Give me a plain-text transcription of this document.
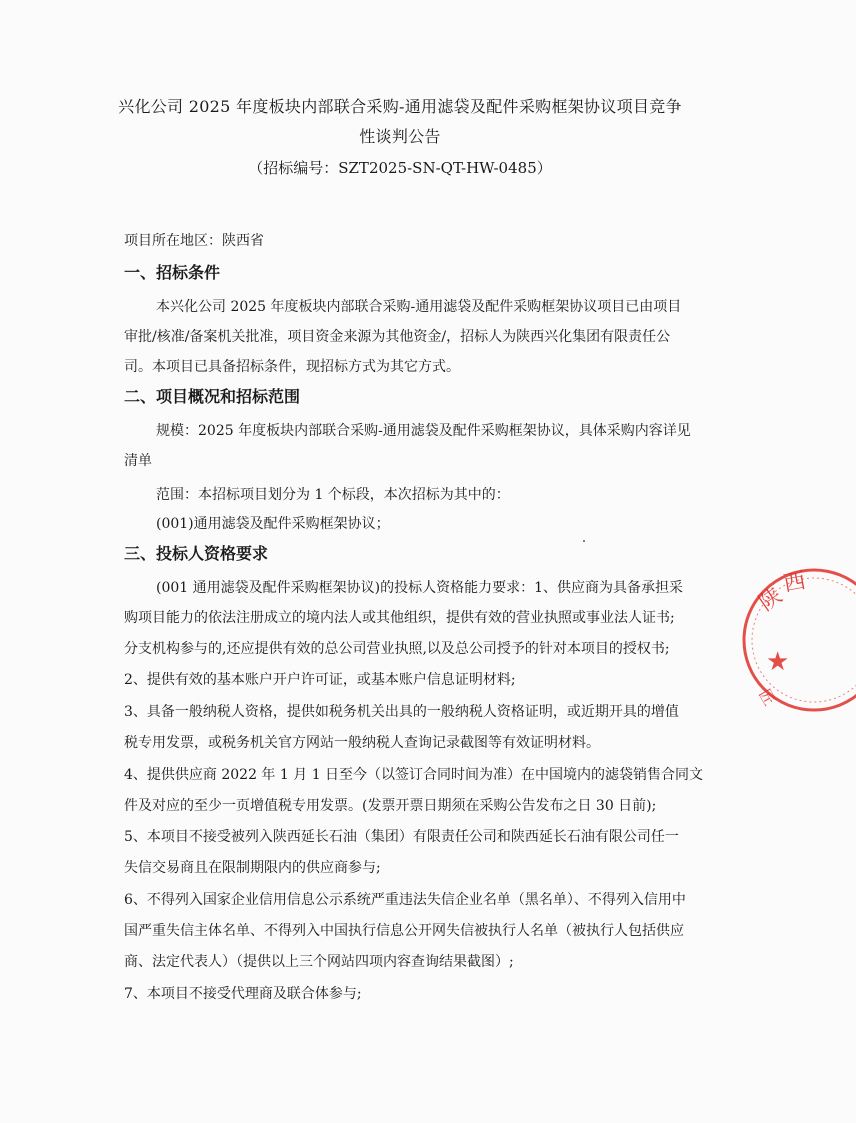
兴化公司 2025 年度板块内部联合采购-通用滤袋及配件采购框架协议项目竞争
性谈判公告

（招标编号：SZT2025-SN-QT-HW-0485）

项目所在地区：陕西省

一、招标条件

本兴化公司 2025 年度板块内部联合采购-通用滤袋及配件采购框架协议项目已由项目

审批/核准/备案机关批准，项目资金来源为其他资金/，招标人为陕西兴化集团有限责任公

司。本项目已具备招标条件，现招标方式为其它方式。

二、项目概况和招标范围

规模：2025 年度板块内部联合采购-通用滤袋及配件采购框架协议，具体采购内容详见

清单

范围：本招标项目划分为 1 个标段，本次招标为其中的：

(001)通用滤袋及配件采购框架协议；

三、投标人资格要求

(001 通用滤袋及配件采购框架协议)的投标人资格能力要求：1、供应商为具备承担采

购项目能力的依法注册成立的境内法人或其他组织，提供有效的营业执照或事业法人证书;

分支机构参与的,还应提供有效的总公司营业执照,以及总公司授予的针对本项目的授权书;

2、提供有效的基本账户开户许可证，或基本账户信息证明材料;

3、具备一般纳税人资格，提供如税务机关出具的一般纳税人资格证明，或近期开具的增值

税专用发票，或税务机关官方网站一般纳税人查询记录截图等有效证明材料。

4、提供供应商 2022 年 1 月 1 日至今（以签订合同时间为准）在中国境内的滤袋销售合同文

件及对应的至少一页增值税专用发票。(发票开票日期须在采购公告发布之日 30 日前);

5、本项目不接受被列入陕西延长石油（集团）有限责任公司和陕西延长石油有限公司任一

失信交易商且在限制期限内的供应商参与;

6、不得列入国家企业信用信息公示系统严重违法失信企业名单（黑名单）、不得列入信用中

国严重失信主体名单、不得列入中国执行信息公开网失信被执行人名单（被执行人包括供应

商、法定代表人）（提供以上三个网站四项内容查询结果截图）;

7、本项目不接受代理商及联合体参与;

陕
西
★
匠
